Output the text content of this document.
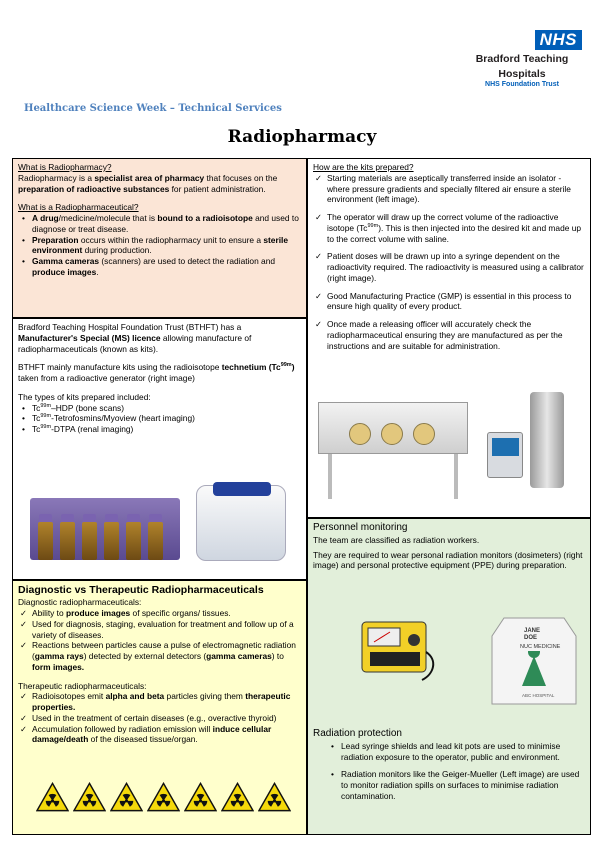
NHS
Bradford Teaching
Hospitals
NHS Foundation Trust
Healthcare Science Week – Technical Services
Radiopharmacy
What is Radiopharmacy?
Radiopharmacy is a specialist area of pharmacy that focuses on the preparation of radioactive substances for patient administration.
What is a Radiopharmaceutical?
• A drug/medicine/molecule that is bound to a radioisotope and used to diagnose or treat disease.
• Preparation occurs within the radiopharmacy unit to ensure a sterile environment during production.
• Gamma cameras (scanners) are used to detect the radiation and produce images.
Bradford Teaching Hospital Foundation Trust (BTHFT) has a Manufacturer's Special (MS) licence allowing manufacture of radiopharmaceuticals (known as kits).
BTHFT mainly manufacture kits using the radioisotope technetium $(Tc^{99m})$ taken from a radioactive generator (right image)
The types of kits prepared included:
• $Tc^{99m}$–HDP (bone scans)
• $Tc^{99m}-Tetrofosmins$/Myoview (heart imaging)
• $Tc^{99m}$-DTPA (renal imaging)
Diagnostic vs Therapeutic Radiopharmaceuticals
Diagnostic radiopharmaceuticals:
✓ Ability to produce images of specific organs/ tissues.
✓ Used for diagnosis, staging, evaluation for treatment and follow up of a variety of diseases.
✓ Reactions between particles cause a pulse of electromagnetic radiation (gamma rays) detected by external detectors (gamma cameras) to form images.
Therapeutic radiopharmaceuticals:
✓ Radioisotopes emit alpha and beta particles giving them therapeutic properties.
✓ Used in the treatment of certain diseases (e.g., overactive thyroid)
✓ Accumulation followed by radiation emission will induce cellular damage/death of the diseased tissue/organ.
How are the kits prepared?
✓ Starting materials are aseptically transferred inside an isolator - where pressure gradients and specially filtered air ensure a sterile environment (left image).
✓ The operator will draw up the correct volume of the radioactive isotope $(Tc^{99m})$. This is then injected into the desired kit and made up to the correct volume with saline.
✓ Patient doses will be drawn up into a syringe dependent on the radioactivity required. The radioactivity is measured using a calibrator (right image).
✓ Good Manufacturing Practice (GMP) is essential in this process to ensure high quality of every product.
✓ Once made a releasing officer will accurately check the radiopharmaceutical ensuring they are manufactured as per the instructions and are suitable for administration.
Personnel monitoring
The team are classified as radiation workers.
They are required to wear personal radiation monitors (dosimeters) (right image) and personal protective equipment (PPE) during preparation.
Radiation protection
• Lead syringe shields and lead kit pots are used to minimise radiation exposure to the operator, public and environment.
• Radiation monitors like the Geiger-Mueller (Left image) are used to monitor radiation spills on surfaces to minimise radiation contamination.
JANE
DOE
NUC MEDICINE
ABC HOSPITAL
